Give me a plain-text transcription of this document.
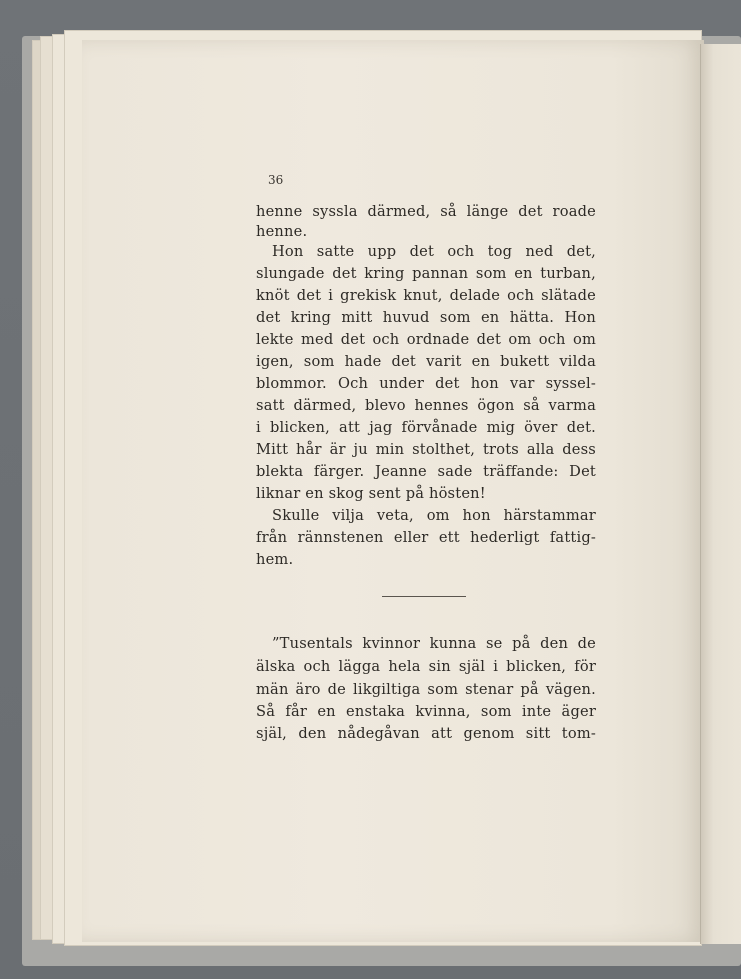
36
henne syssla därmed, så länge det roade
henne.
Hon satte upp det och tog ned det,
slungade det kring pannan som en turban,
knöt det i grekisk knut, delade och slätade
det kring mitt huvud som en hätta. Hon
lekte med det och ordnade det om och om
igen, som hade det varit en bukett vilda
blommor. Och under det hon var syssel-
satt därmed, blevo hennes ögon så varma
i blicken, att jag förvånade mig över det.
Mitt hår är ju min stolthet, trots alla dess
blekta färger. Jeanne sade träffande: Det
liknar en skog sent på hösten!
Skulle vilja veta, om hon härstammar
från rännstenen eller ett hederligt fattig-
hem.
”Tusentals kvinnor kunna se på den de
älska och lägga hela sin själ i blicken, för
män äro de likgiltiga som stenar på vägen.
Så får en enstaka kvinna, som inte äger
själ, den nådegåvan att genom sitt tom-
